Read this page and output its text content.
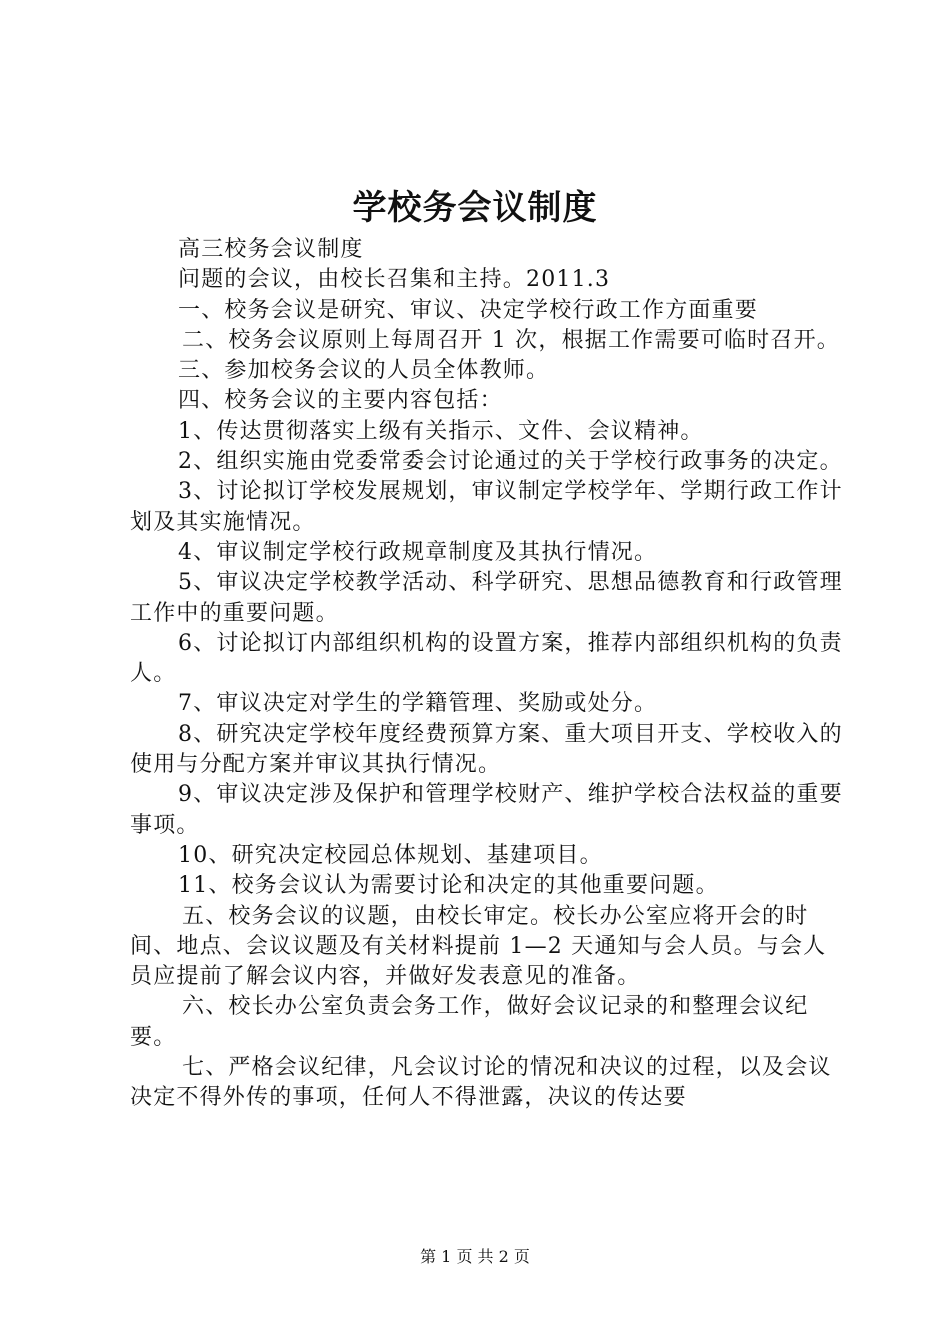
学校务会议制度

高三校务会议制度

问题的会议，由校长召集和主持。2011.3

一、校务会议是研究、审议、决定学校行政工作方面重要

二、校务会议原则上每周召开 1 次，根据工作需要可临时召开。

三、参加校务会议的人员全体教师。

四、校务会议的主要内容包括：

1、传达贯彻落实上级有关指示、文件、会议精神。

2、组织实施由党委常委会讨论通过的关于学校行政事务的决定。

3、讨论拟订学校发展规划，审议制定学校学年、学期行政工作计划及其实施情况。

4、审议制定学校行政规章制度及其执行情况。

5、审议决定学校教学活动、科学研究、思想品德教育和行政管理工作中的重要问题。

6、讨论拟订内部组织机构的设置方案，推荐内部组织机构的负责人。

7、审议决定对学生的学籍管理、奖励或处分。

8、研究决定学校年度经费预算方案、重大项目开支、学校收入的使用与分配方案并审议其执行情况。

9、审议决定涉及保护和管理学校财产、维护学校合法权益的重要事项。

10、研究决定校园总体规划、基建项目。

11、校务会议认为需要讨论和决定的其他重要问题。

五、校务会议的议题，由校长审定。校长办公室应将开会的时间、地点、会议议题及有关材料提前 1—2 天通知与会人员。与会人员应提前了解会议内容，并做好发表意见的准备。

六、校长办公室负责会务工作，做好会议记录的和整理会议纪要。

七、严格会议纪律，凡会议讨论的情况和决议的过程，以及会议决定不得外传的事项，任何人不得泄露，决议的传达要

第 1 页 共 2 页
